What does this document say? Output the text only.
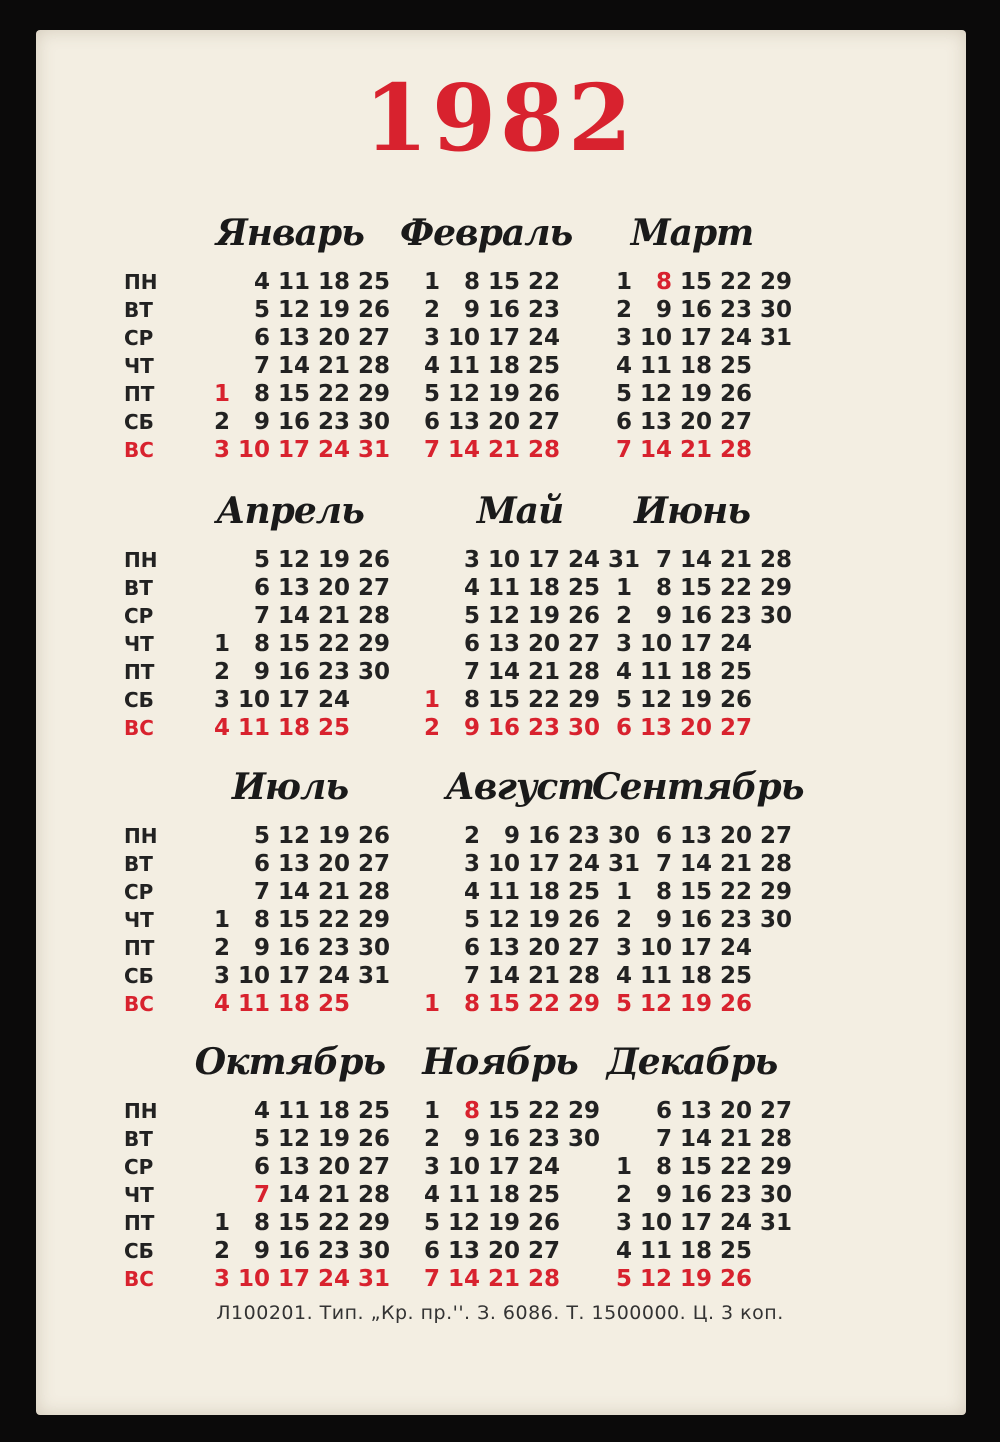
1982
ПН
ВТ
СР
ЧТ
ПТ
СБ
ВС
ПН
ВТ
СР
ЧТ
ПТ
СБ
ВС
ПН
ВТ
СР
ЧТ
ПТ
СБ
ВС
ПН
ВТ
СР
ЧТ
ПТ
СБ
ВС
Январь
1
2
3
4
5
6
7
8
9
10
11
12
13
14
15
16
17
18
19
20
21
22
23
24
25
26
27
28
29
30
31
Февраль
1
2
3
4
5
6
7
8
9
10
11
12
13
14
15
16
17
18
19
20
21
22
23
24
25
26
27
28
Март
1
2
3
4
5
6
7
8
9
10
11
12
13
14
15
16
17
18
19
20
21
22
23
24
25
26
27
28
29
30
31
Апрель
1
2
3
4
5
6
7
8
9
10
11
12
13
14
15
16
17
18
19
20
21
22
23
24
25
26
27
28
29
30
Май
1
2
3
4
5
6
7
8
9
10
11
12
13
14
15
16
17
18
19
20
21
22
23
24
25
26
27
28
29
30
31
Июнь
1
2
3
4
5
6
7
8
9
10
11
12
13
14
15
16
17
18
19
20
21
22
23
24
25
26
27
28
29
30
Июль
1
2
3
4
5
6
7
8
9
10
11
12
13
14
15
16
17
18
19
20
21
22
23
24
25
26
27
28
29
30
31
Август
1
2
3
4
5
6
7
8
9
10
11
12
13
14
15
16
17
18
19
20
21
22
23
24
25
26
27
28
29
30
31
Сентябрь
1
2
3
4
5
6
7
8
9
10
11
12
13
14
15
16
17
18
19
20
21
22
23
24
25
26
27
28
29
30
Октябрь
1
2
3
4
5
6
7
8
9
10
11
12
13
14
15
16
17
18
19
20
21
22
23
24
25
26
27
28
29
30
31
Ноябрь
1
2
3
4
5
6
7
8
9
10
11
12
13
14
15
16
17
18
19
20
21
22
23
24
25
26
27
28
29
30
Декабрь
1
2
3
4
5
6
7
8
9
10
11
12
13
14
15
16
17
18
19
20
21
22
23
24
25
26
27
28
29
30
31
Л100201. Тип. „Кр. пр.''. З. 6086. Т. 1500000. Ц. 3 коп.
